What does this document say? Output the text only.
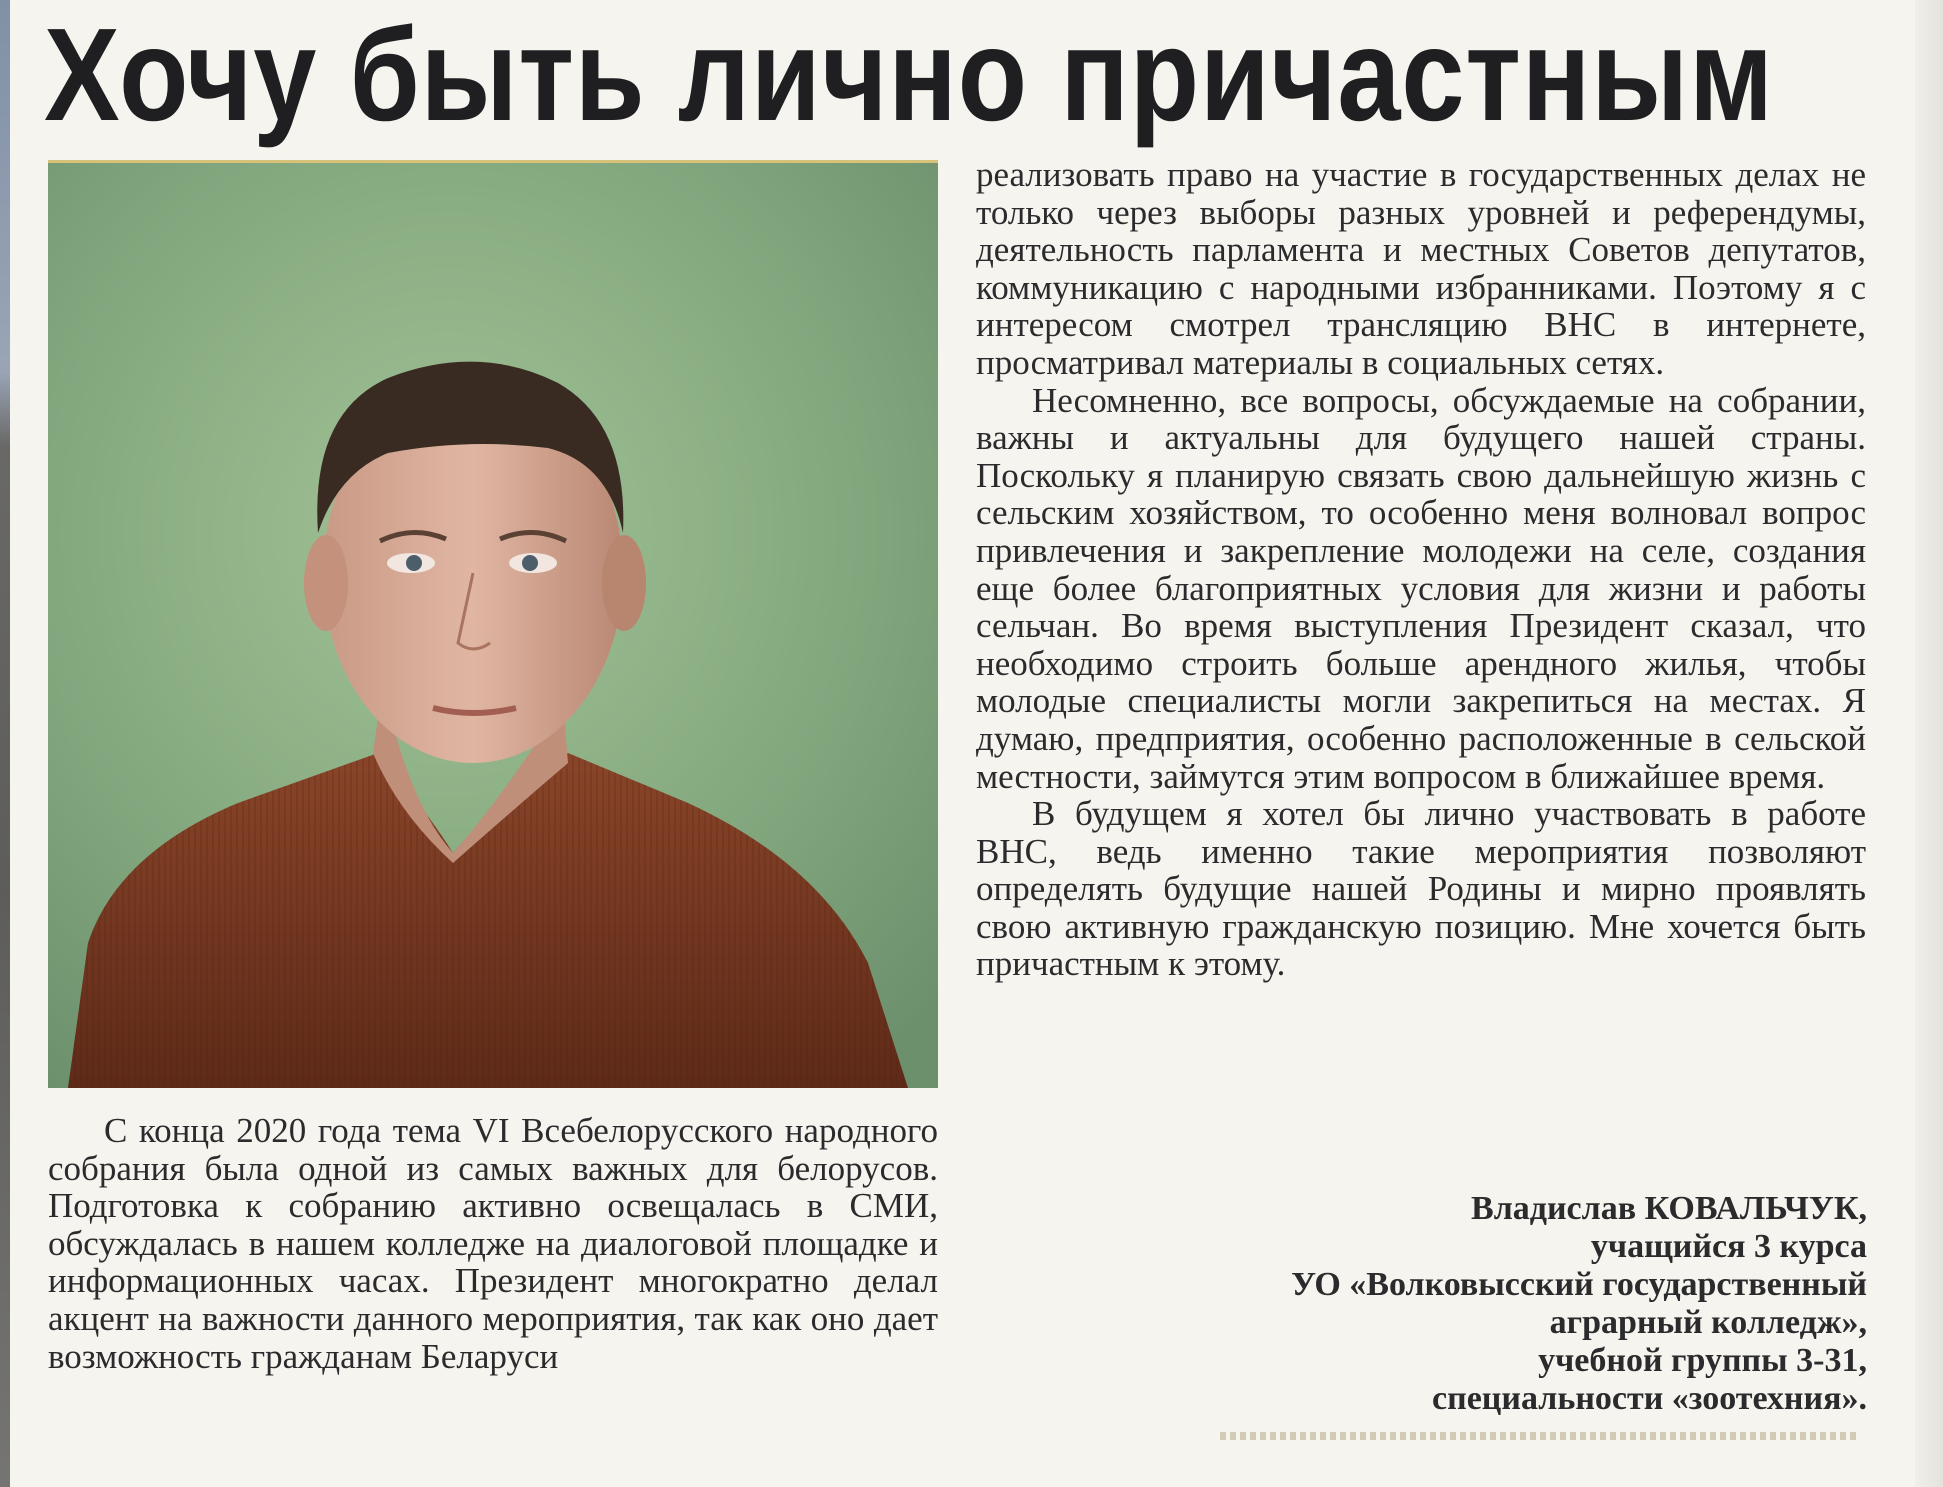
Хочу быть лично причастным

С конца 2020 года тема VI Всебелорусского народного собрания была одной из самых важных для белорусов. Подготовка к собранию активно освещалась в СМИ, обсуждалась в нашем колледже на диалоговой площадке и информационных часах. Президент многократно делал акцент на важности данного мероприятия, так как оно дает возможность гражданам Беларуси

реализовать право на участие в государственных делах не только через выборы разных уровней и референдумы, деятельность парламента и местных Советов депутатов, коммуникацию с народными избранниками. Поэтому я с интересом смотрел трансляцию ВНС в интернете, просматривал материалы в социальных сетях.

Несомненно, все вопросы, обсуждаемые на собрании, важны и актуальны для будущего нашей страны. Поскольку я планирую связать свою дальнейшую жизнь с сельским хозяйством, то особенно меня волновал вопрос привлечения и закрепление молодежи на селе, создания еще более благоприятных условия для жизни и работы сельчан. Во время выступления Президент сказал, что необходимо строить больше арендного жилья, чтобы молодые специалисты могли закрепиться на местах. Я думаю, предприятия, особенно расположенные в сельской местности, займутся этим вопросом в ближайшее время.

В будущем я хотел бы лично участвовать в работе ВНС, ведь именно такие мероприятия позволяют определять будущие нашей Родины и мирно проявлять свою активную гражданскую позицию. Мне хочется быть причастным к этому.

Владислав КОВАЛЬЧУК,
учащийся 3 курса
УО «Волковысский государственный
аграрный колледж»,
учебной группы 3-31,
специальности «зоотехния».
